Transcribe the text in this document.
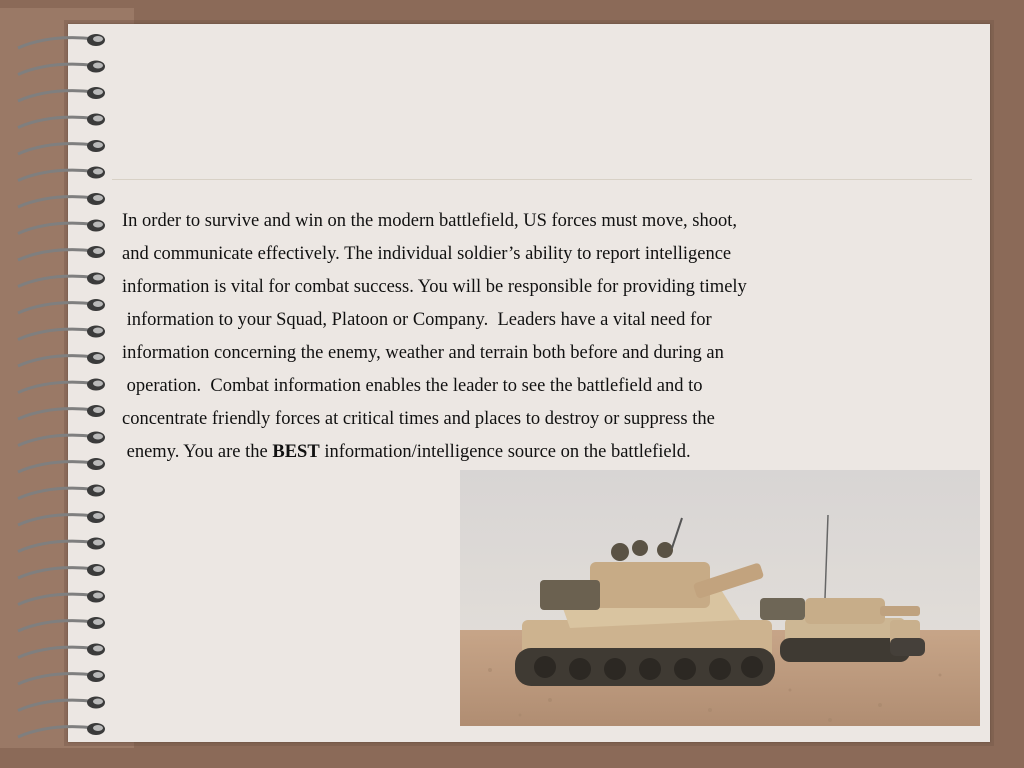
In order to survive and win on the modern battlefield, US forces must move, shoot,
and communicate effectively. The individual soldier’s ability to report intelligence
information is vital for combat success. You will be responsible for providing timely
information to your Squad, Platoon or Company.  Leaders have a vital need for
information concerning the enemy, weather and terrain both before and during an
operation.  Combat information enables the leader to see the battlefield and to
concentrate friendly forces at critical times and places to destroy or suppress the
enemy. You are the BEST information/intelligence source on the battlefield.
